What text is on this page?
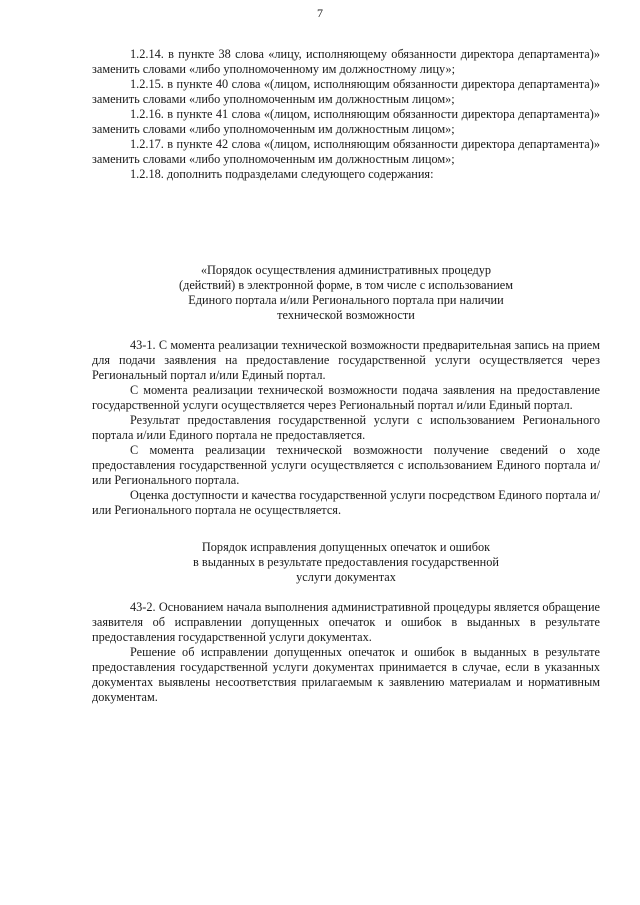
7

1.2.14. в пункте 38 слова «лицу, исполняющему обязанности директора департамента)» заменить словами «либо уполномоченному им должностному лицу»;

1.2.15. в пункте 40 слова «(лицом, исполняющим обязанности директора департамента)» заменить словами «либо уполномоченным им должностным лицом»;

1.2.16. в пункте 41 слова «(лицом, исполняющим обязанности директора департамента)» заменить словами «либо уполномоченным им должностным лицом»;

1.2.17. в пункте 42 слова «(лицом, исполняющим обязанности директора департамента)» заменить словами «либо уполномоченным им должностным лицом»;

1.2.18. дополнить подразделами следующего содержания:

«Порядок осуществления административных процедур
(действий) в электронной форме, в том числе с использованием
Единого портала и/или Регионального портала при наличии
технической возможности

43-1. С момента реализации технической возможности предварительная запись на прием для подачи заявления на предоставление государственной услуги осуществляется через Региональный портал и/или Единый портал.

С момента реализации технической возможности подача заявления на предоставление государственной услуги осуществляется через Региональный портал и/или Единый портал.

Результат предоставления государственной услуги с использованием Регионального портала и/или Единого портала не предоставляется.

С момента реализации технической возможности получение сведений о ходе предоставления государственной услуги осуществляется с использованием Единого портала и/или Регионального портала.

Оценка доступности и качества государственной услуги посредством Единого портала и/или Регионального портала не осуществляется.

Порядок исправления допущенных опечаток и ошибок
в выданных в результате предоставления государственной
услуги документах

43-2. Основанием начала выполнения административной процедуры является обращение заявителя об исправлении допущенных опечаток и ошибок в выданных в результате предоставления государственной услуги документах.

Решение об исправлении допущенных опечаток и ошибок в выданных в результате предоставления государственной услуги документах принимается в случае, если в указанных документах выявлены несоответствия прилагаемым к заявлению материалам и нормативным документам.
